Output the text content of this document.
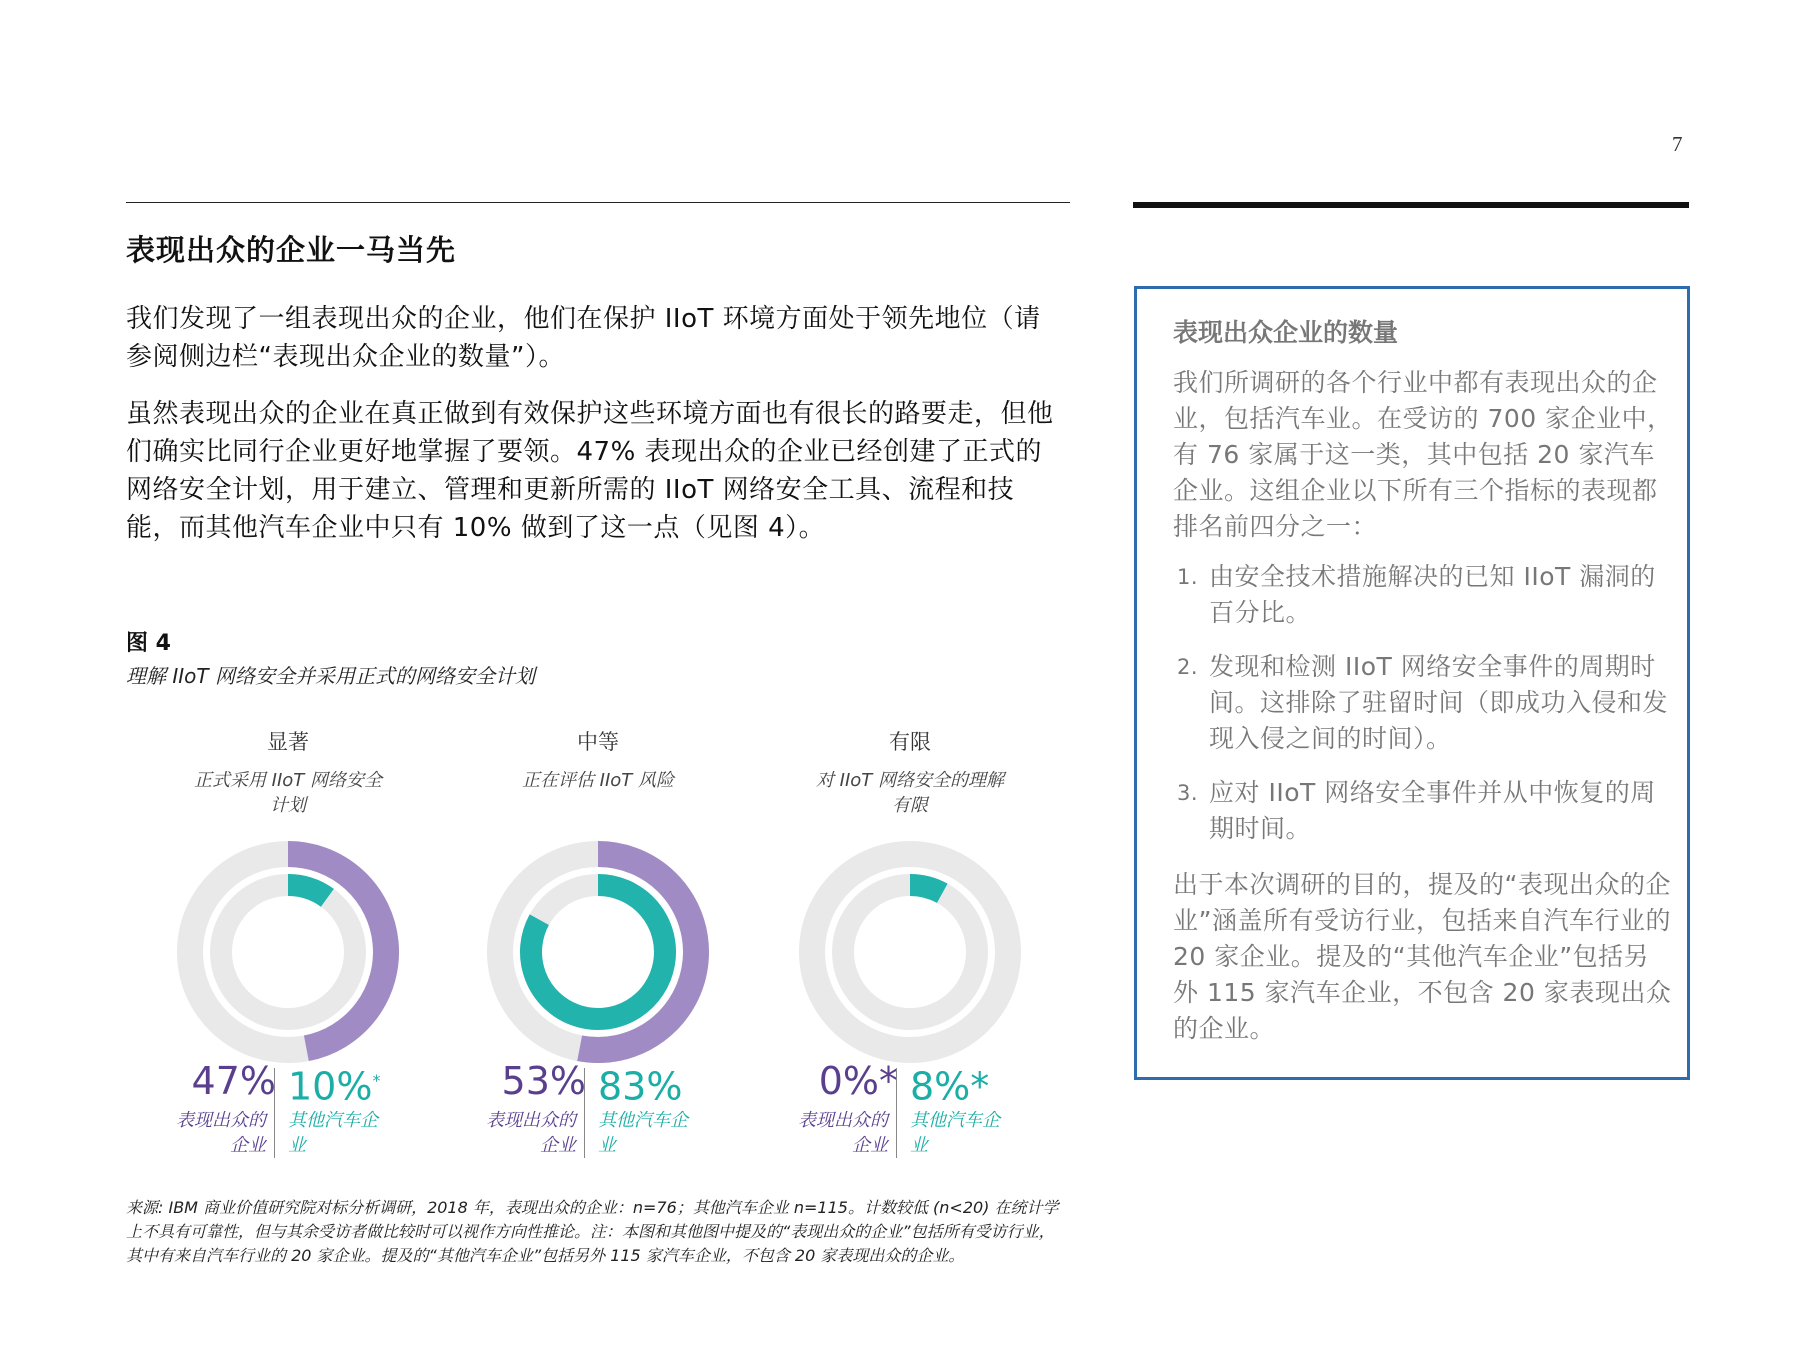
7
表现出众的企业一马当先

我们发现了一组表现出众的企业，他们在保护 IIoT 环境方面处于领先地位（请参阅侧边栏“表现出众企业的数量”）。

虽然表现出众的企业在真正做到有效保护这些环境方面也有很长的路要走，但他们确实比同行企业更好地掌握了要领。47% 表现出众的企业已经创建了正式的网络安全计划，用于建立、管理和更新所需的 IIoT 网络安全工具、流程和技能，而其他汽车企业中只有 10% 做到了这一点（见图 4）。

图 4
理解 IIoT 网络安全并采用正式的网络安全计划
显著
正式采用 IIoT 网络安全计划
47% 10%*
表现出众的企业
其他汽车企业
中等
正在评估 IIoT 风险
53% 83%
表现出众的企业
其他汽车企业
有限
对 IIoT 网络安全的理解有限
0%* 8%*
表现出众的企业
其他汽车企业

来源: IBM 商业价值研究院对标分析调研，2018 年，表现出众的企业：n=76；其他汽车企业 n=115。计数较低 (n<20) 在统计学上不具有可靠性，但与其余受访者做比较时可以视作方向性推论。注：本图和其他图中提及的“表现出众的企业”包括所有受访行业，其中有来自汽车行业的 20 家企业。提及的“其他汽车企业”包括另外 115 家汽车企业，不包含 20 家表现出众的企业。

表现出众企业的数量

我们所调研的各个行业中都有表现出众的企业，包括汽车业。在受访的 700 家企业中，有 76 家属于这一类，其中包括 20 家汽车企业。这组企业以下所有三个指标的表现都排名前四分之一：

1. 由安全技术措施解决的已知 IIoT 漏洞的百分比。
2. 发现和检测 IIoT 网络安全事件的周期时间。这排除了驻留时间（即成功入侵和发现入侵之间的时间）。
3. 应对 IIoT 网络安全事件并从中恢复的周期时间。

出于本次调研的目的，提及的“表现出众的企业”涵盖所有受访行业，包括来自汽车行业的 20 家企业。提及的“其他汽车企业”包括另外 115 家汽车企业，不包含 20 家表现出众的企业。
